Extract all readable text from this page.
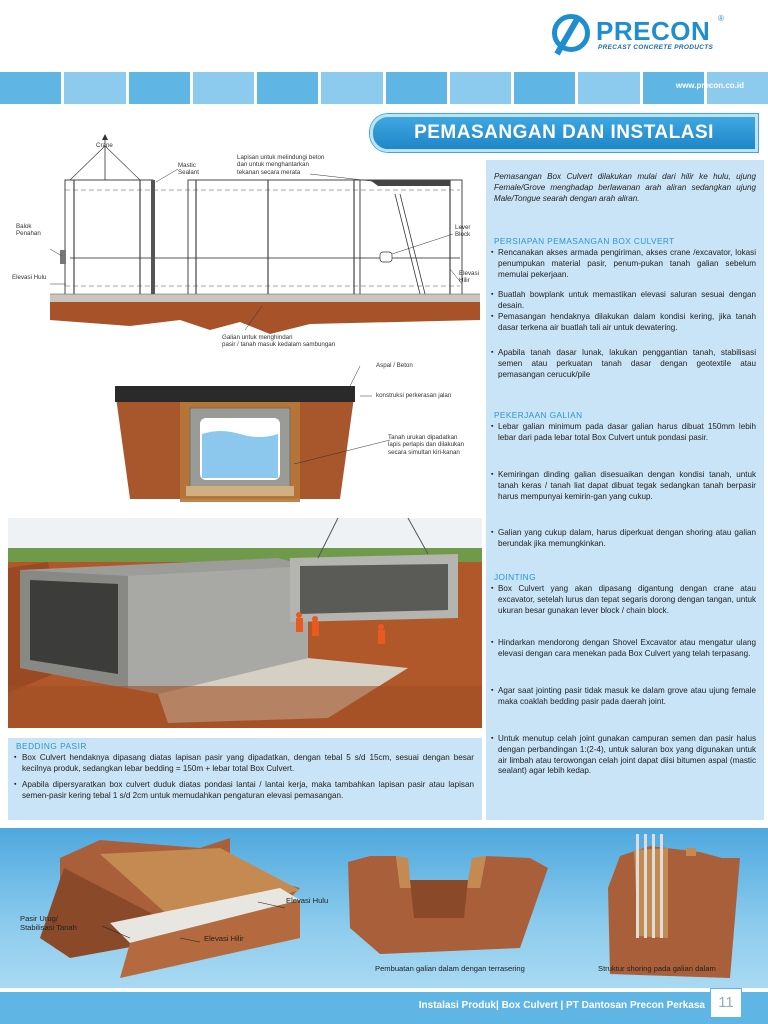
PRECON ®
PRECAST CONCRETE PRODUCTS
www.precon.co.id
PEMASANGAN DAN INSTALASI
Crane
Mastic
Sealant
Lapisan untuk melindungi beton
dan untuk menghantarkan
tekanan secara merata
Balok
Penahan
Lever
Block
Elevasi Hulu
Elevasi
Hilir
Galian untuk menghindari
pasir / tanah masuk kedalam sambungan
Aspal / Beton
konstruksi perkerasan jalan
Tanah urukan dipadatkan
lapis perlapis dan dilakukan
secara simultan kiri-kanan
BEDDING PASIR
▪ Box Culvert hendaknya dipasang diatas lapisan pasir yang dipadatkan, dengan tebal 5 s/d 15cm, sesuai dengan besar kecilnya produk, sedangkan lebar bedding = 150m + lebar total Box Culvert.
▪ Apabila dipersyaratkan box culvert duduk diatas pondasi lantai / lantai kerja, maka tambahkan lapisan pasir atau lapisan semen-pasir kering tebal 1 s/d 2cm untuk memudahkan pengaturan elevasi pemasangan.
Pemasangan Box Culvert dilakukan mulai dari hilir ke hulu, ujung Female/Grove menghadap berlawanan arah aliran sedangkan ujung Male/Tongue searah dengan arah aliran.
PERSIAPAN PEMASANGAN BOX CULVERT
▪ Rencanakan akses armada pengiriman, akses crane /excavator, lokasi penumpukan material pasir, penum-pukan tanah galian sebelum memulai pekerjaan.
▪ Buatlah bowplank untuk memastikan elevasi saluran sesuai dengan desain.
▪ Pemasangan hendaknya dilakukan dalam kondisi kering, jika tanah dasar terkena air buatlah tali air untuk dewatering.
▪ Apabila tanah dasar lunak, lakukan penggantian tanah, stabilisasi semen atau perkuatan tanah dasar dengan geotextile atau pemasangan cerucuk/pile
PEKERJAAN GALIAN
▪ Lebar galian minimum pada dasar galian harus dibuat 150mm lebih lebar dari pada lebar total Box Culvert untuk pondasi pasir.
▪ Kemiringan dinding galian disesuaikan dengan kondisi tanah, untuk tanah keras / tanah liat dapat dibuat tegak sedangkan tanah berpasir harus mempunyai kemirin-gan yang cukup.
▪ Galian yang cukup dalam, harus diperkuat dengan shoring atau galian berundak jika memungkinkan.
JOINTING
▪ Box Culvert yang akan dipasang digantung dengan crane atau excavator, setelah lurus dan tepat segaris dorong dengan tangan, untuk ukuran besar gunakan lever block / chain block.
▪ Hindarkan mendorong dengan Shovel Excavator atau mengatur ulang elevasi dengan cara menekan pada Box Culvert yang telah terpasang.
▪ Agar saat jointing pasir tidak masuk ke dalam grove atau ujung female maka coaklah bedding pasir pada daerah joint.
▪ Untuk menutup celah joint gunakan campuran semen dan pasir halus dengan perbandingan 1:(2-4), untuk saluran box yang digunakan untuk air limbah atau terowongan celah joint dapat diisi bitumen aspal (mastic sealant) agar lebih kedap.
Elevasi Hulu
Pasir Urug/
Stabilisasi Tanah
Elevasi Hilir
Pembuatan galian dalam dengan terrasering	Struktur shoring pada galian dalam
Instalasi Produk| Box Culvert | PT Dantosan Precon Perkasa 11
